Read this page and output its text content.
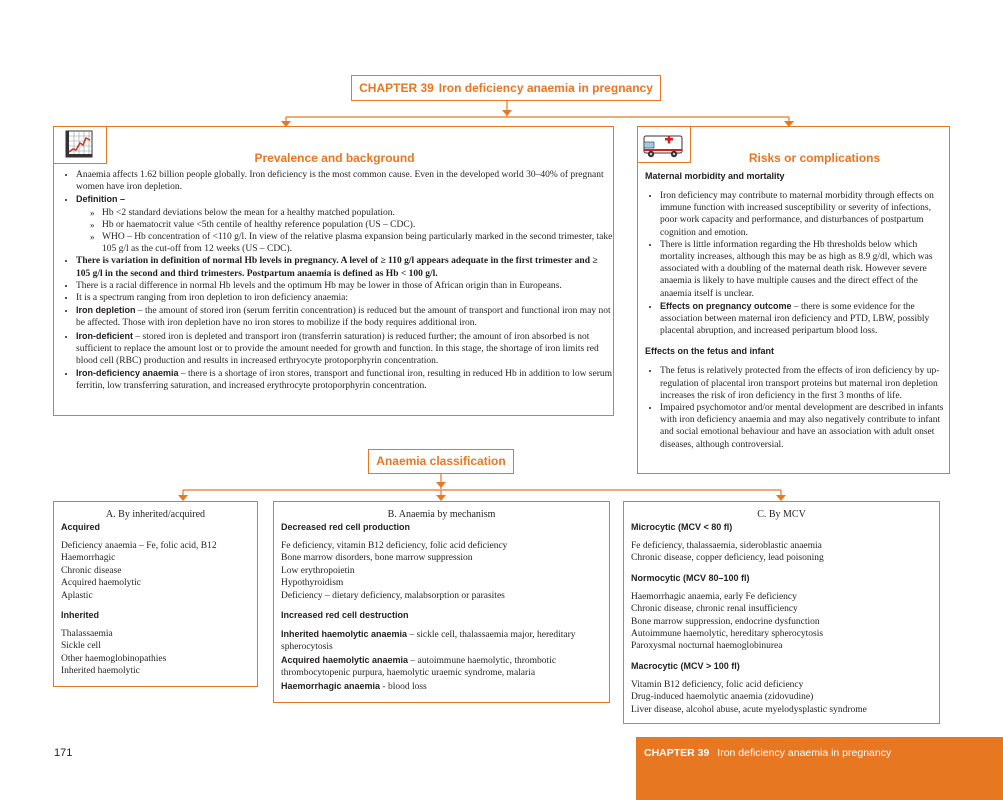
CHAPTER 39 Iron deficiency anaemia in pregnancy
Prevalence and background
• Anaemia affects 1.62 billion people globally. Iron deficiency is the most common cause. Even in the developed world 30–40% of pregnant women have iron depletion.
• Definition –
» Hb <2 standard deviations below the mean for a healthy matched population.
» Hb or haematocrit value <5th centile of healthy reference population (US – CDC).
» WHO – Hb concentration of <110 g/l. In view of the relative plasma expansion being particularly marked in the second trimester, take 105 g/l as the cut-off from 12 weeks (US – CDC).
• There is variation in definition of normal Hb levels in pregnancy. A level of ≥ 110 g/l appears adequate in the first trimester and ≥ 105 g/l in the second and third trimesters. Postpartum anaemia is defined as Hb < 100 g/l.
• There is a racial difference in normal Hb levels and the optimum Hb may be lower in those of African origin than in Europeans.
• It is a spectrum ranging from iron depletion to iron deficiency anaemia:
• Iron depletion – the amount of stored iron (serum ferritin concentration) is reduced but the amount of transport and functional iron may not be affected. Those with iron depletion have no iron stores to mobilize if the body requires additional iron.
• Iron-deficient – stored iron is depleted and transport iron (transferrin saturation) is reduced further; the amount of iron absorbed is not sufficient to replace the amount lost or to provide the amount needed for growth and function. In this stage, the shortage of iron limits red blood cell (RBC) production and results in increased erthryocyte protoporphyrin concentration.
• Iron-deficiency anaemia – there is a shortage of iron stores, transport and functional iron, resulting in reduced Hb in addition to low serum ferritin, low transferring saturation, and increased erythrocyte protoporphyrin concentration.
Risks or complications
Maternal morbidity and mortality
• Iron deficiency may contribute to maternal morbidity through effects on immune function with increased susceptibility or severity of infections, poor work capacity and performance, and disturbances of postpartum cognition and emotion.
• There is little information regarding the Hb thresholds below which mortality increases, although this may be as high as 8.9 g/dl, which was associated with a doubling of the maternal death risk. However severe anaemia is likely to have multiple causes and the direct effect of the anaemia itself is unclear.
• Effects on pregnancy outcome – there is some evidence for the association between maternal iron deficiency and PTD, LBW, possibly placental abruption, and increased peripartum blood loss.
Effects on the fetus and infant
• The fetus is relatively protected from the effects of iron deficiency by up-regulation of placental iron transport proteins but maternal iron depletion increases the risk of iron deficiency in the first 3 months of life.
• Impaired psychomotor and/or mental development are described in infants with iron deficiency anaemia and may also negatively contribute to infant and social emotional behaviour and have an association with adult onset diseases, although controversial.
Anaemia classification
A. By inherited/acquired
Acquired
Deficiency anaemia – Fe, folic acid, B12
Haemorrhagic
Chronic disease
Acquired haemolytic
Aplastic
Inherited
Thalassaemia
Sickle cell
Other haemoglobinopathies
Inherited haemolytic
B. Anaemia by mechanism
Decreased red cell production
Fe deficiency, vitamin B12 deficiency, folic acid deficiency
Bone marrow disorders, bone marrow suppression
Low erythropoietin
Hypothyroidism
Deficiency – dietary deficiency, malabsorption or parasites
Increased red cell destruction
Inherited haemolytic anaemia – sickle cell, thalassaemia major, hereditary spherocytosis
Acquired haemolytic anaemia – autoimmune haemolytic, thrombotic thrombocytopenic purpura, haemolytic uraemic syndrome, malaria
Haemorrhagic anaemia - blood loss
C. By MCV
Microcytic (MCV < 80 fl)
Fe deficiency, thalassaemia, sideroblastic anaemia
Chronic disease, copper deficiency, lead poisoning
Normocytic (MCV 80–100 fl)
Haemorrhagic anaemia, early Fe deficiency
Chronic disease, chronic renal insufficiency
Bone marrow suppression, endocrine dysfunction
Autoimmune haemolytic, hereditary spherocytosis
Paroxysmal nocturnal haemoglobinurea
Macrocytic (MCV > 100 fl)
Vitamin B12 deficiency, folic acid deficiency
Drug-induced haemolytic anaemia (zidovudine)
Liver disease, alcohol abuse, acute myelodysplastic syndrome
171	CHAPTER 39 Iron deficiency anaemia in pregnancy
